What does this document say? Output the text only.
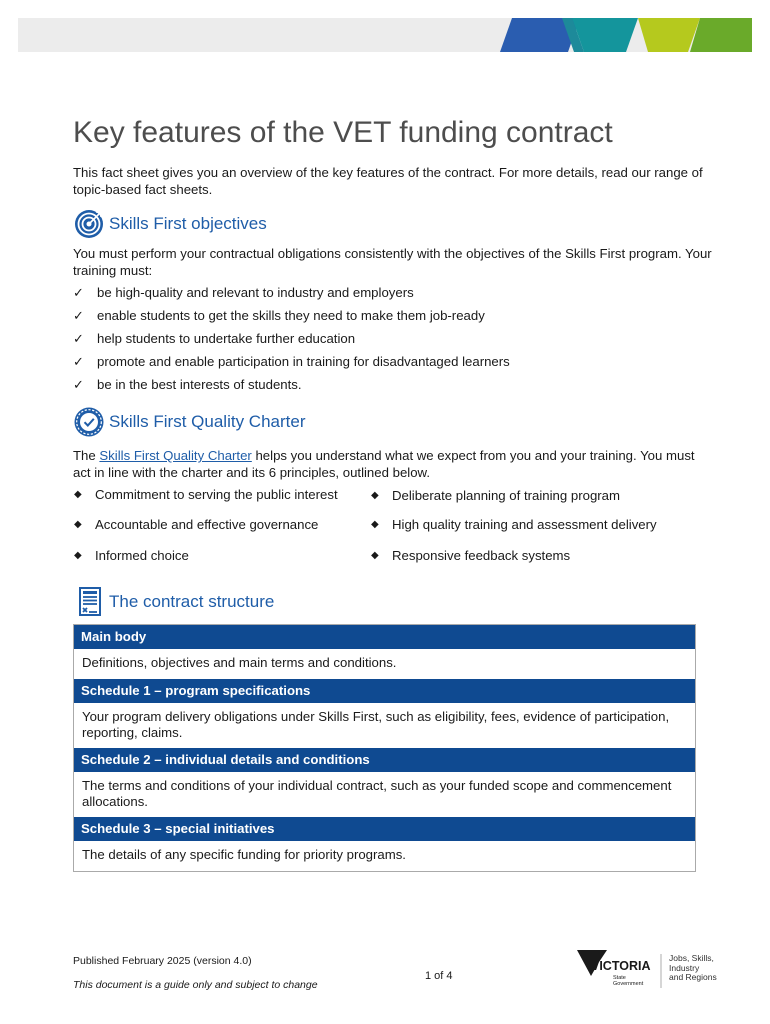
Key features of the VET funding contract

This fact sheet gives you an overview of the key features of the contract. For more details, read our range of topic-based fact sheets.

Skills First objectives

You must perform your contractual obligations consistently with the objectives of the Skills First program. Your training must:

✓ be high-quality and relevant to industry and employers
✓ enable students to get the skills they need to make them job-ready
✓ help students to undertake further education
✓ promote and enable participation in training for disadvantaged learners
✓ be in the best interests of students.
Skills First Quality Charter

The Skills First Quality Charter helps you understand what we expect from you and your training. You must act in line with the charter and its 6 principles, outlined below.

◆	Commitment to serving the public interest	◆	Deliberate planning of training program
◆	Accountable and effective governance	◆	High quality training and assessment delivery
◆	Informed choice	◆	Responsive feedback systems
The contract structure
Main body
Definitions, objectives and main terms and conditions.
Schedule 1 – program specifications
Your program delivery obligations under Skills First, such as eligibility, fees, evidence of participation, reporting, claims.
Schedule 2 – individual details and conditions
The terms and conditions of your individual contract, such as your funded scope and commencement allocations.
Schedule 3 – special initiatives
The details of any specific funding for priority programs.

Published February 2025 (version 4.0)

1 of 4

This document is a guide only and subject to change

VICTORIA
State
Government
Jobs, Skills,
Industry
and Regions
